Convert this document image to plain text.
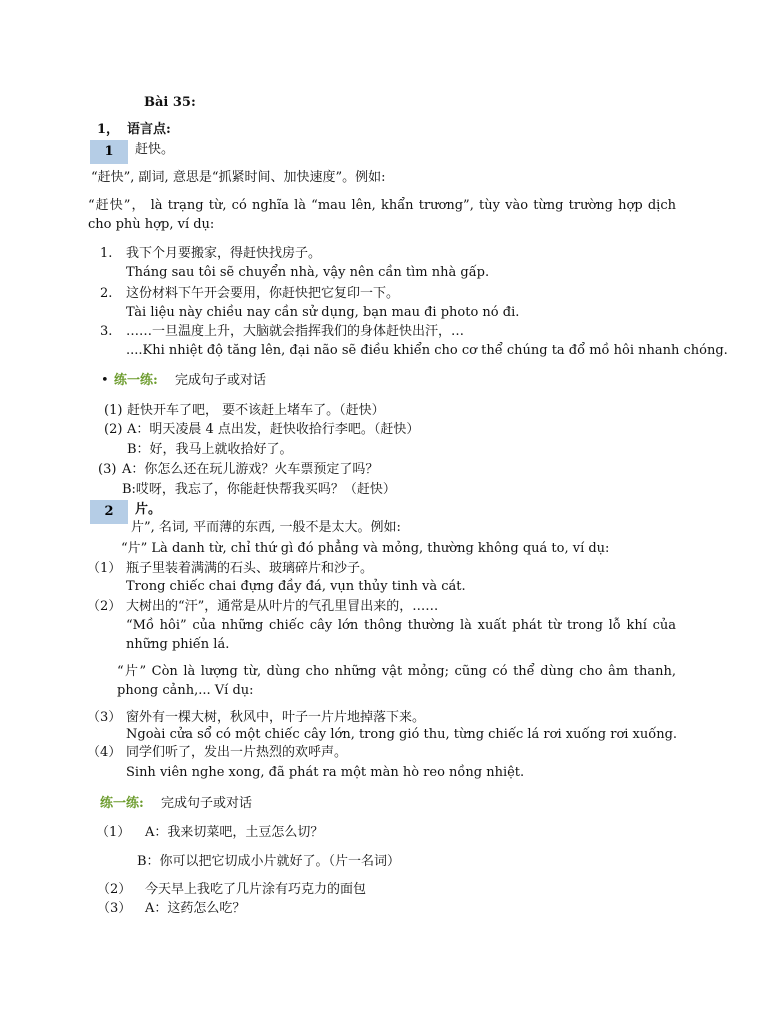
Bài 35:
1， 语言点:
1	赶快。
“赶快”, 副词, 意思是“抓紧时间、加快速度”。例如:
“赶快”， là trạng từ, có nghĩa là “mau lên, khẩn trương”, tùy vào từng trường hợp dịch cho phù hợp, ví dụ:
1. 我下个月要搬家，得赶快找房子。
Tháng sau tôi sẽ chuyển nhà, vậy nên cần tìm nhà gấp.
2. 这份材料下午开会要用，你赶快把它复印一下。
Tài liệu này chiều nay cần sử dụng, bạn mau đi photo nó đi.
3. ……一旦温度上升，大脑就会指挥我们的身体赶快出汗，…
....Khi nhiệt độ tăng lên, đại não sẽ điều khiển cho cơ thể chúng ta đổ mồ hôi nhanh chóng.
• 练一练: 完成句子或对话
(1) 赶快开车了吧， 要不该赶上堵车了。（赶快）
(2) A：明天凌晨 4 点出发，赶快收拾行李吧。（赶快）
B：好，我马上就收拾好了。
(3) A：你怎么还在玩儿游戏？火车票预定了吗？
B:哎呀，我忘了，你能赶快帮我买吗？（赶快）
2	片。
片”, 名词, 平而薄的东西, 一般不是太大。例如:
“片” Là danh từ, chỉ thứ gì đó phẳng và mỏng, thường không quá to, ví dụ:
（1） 瓶子里装着满满的石头、玻璃碎片和沙子。
Trong chiếc chai đựng đầy đá, vụn thủy tinh và cát.
（2） 大树出的“汗”，通常是从叶片的气孔里冒出来的，……
“Mồ hôi” của những chiếc cây lớn thông thường là xuất phát từ trong lỗ khí của những phiến lá.
“片” Còn là lượng từ, dùng cho những vật mỏng; cũng có thể dùng cho âm thanh, phong cảnh,... Ví dụ:
（3） 窗外有一棵大树，秋风中，叶子一片片地掉落下来。
Ngoài cửa sổ có một chiếc cây lớn, trong gió thu, từng chiếc lá rơi xuống rơi xuống.
（4） 同学们听了，发出一片热烈的欢呼声。
Sinh viên nghe xong, đã phát ra một màn hò reo nồng nhiệt.
练一练: 完成句子或对话
（1） A：我来切菜吧，土豆怎么切？
B：你可以把它切成小片就好了。（片一名词）
（2） 今天早上我吃了几片涂有巧克力的面包
（3） A：这药怎么吃？
